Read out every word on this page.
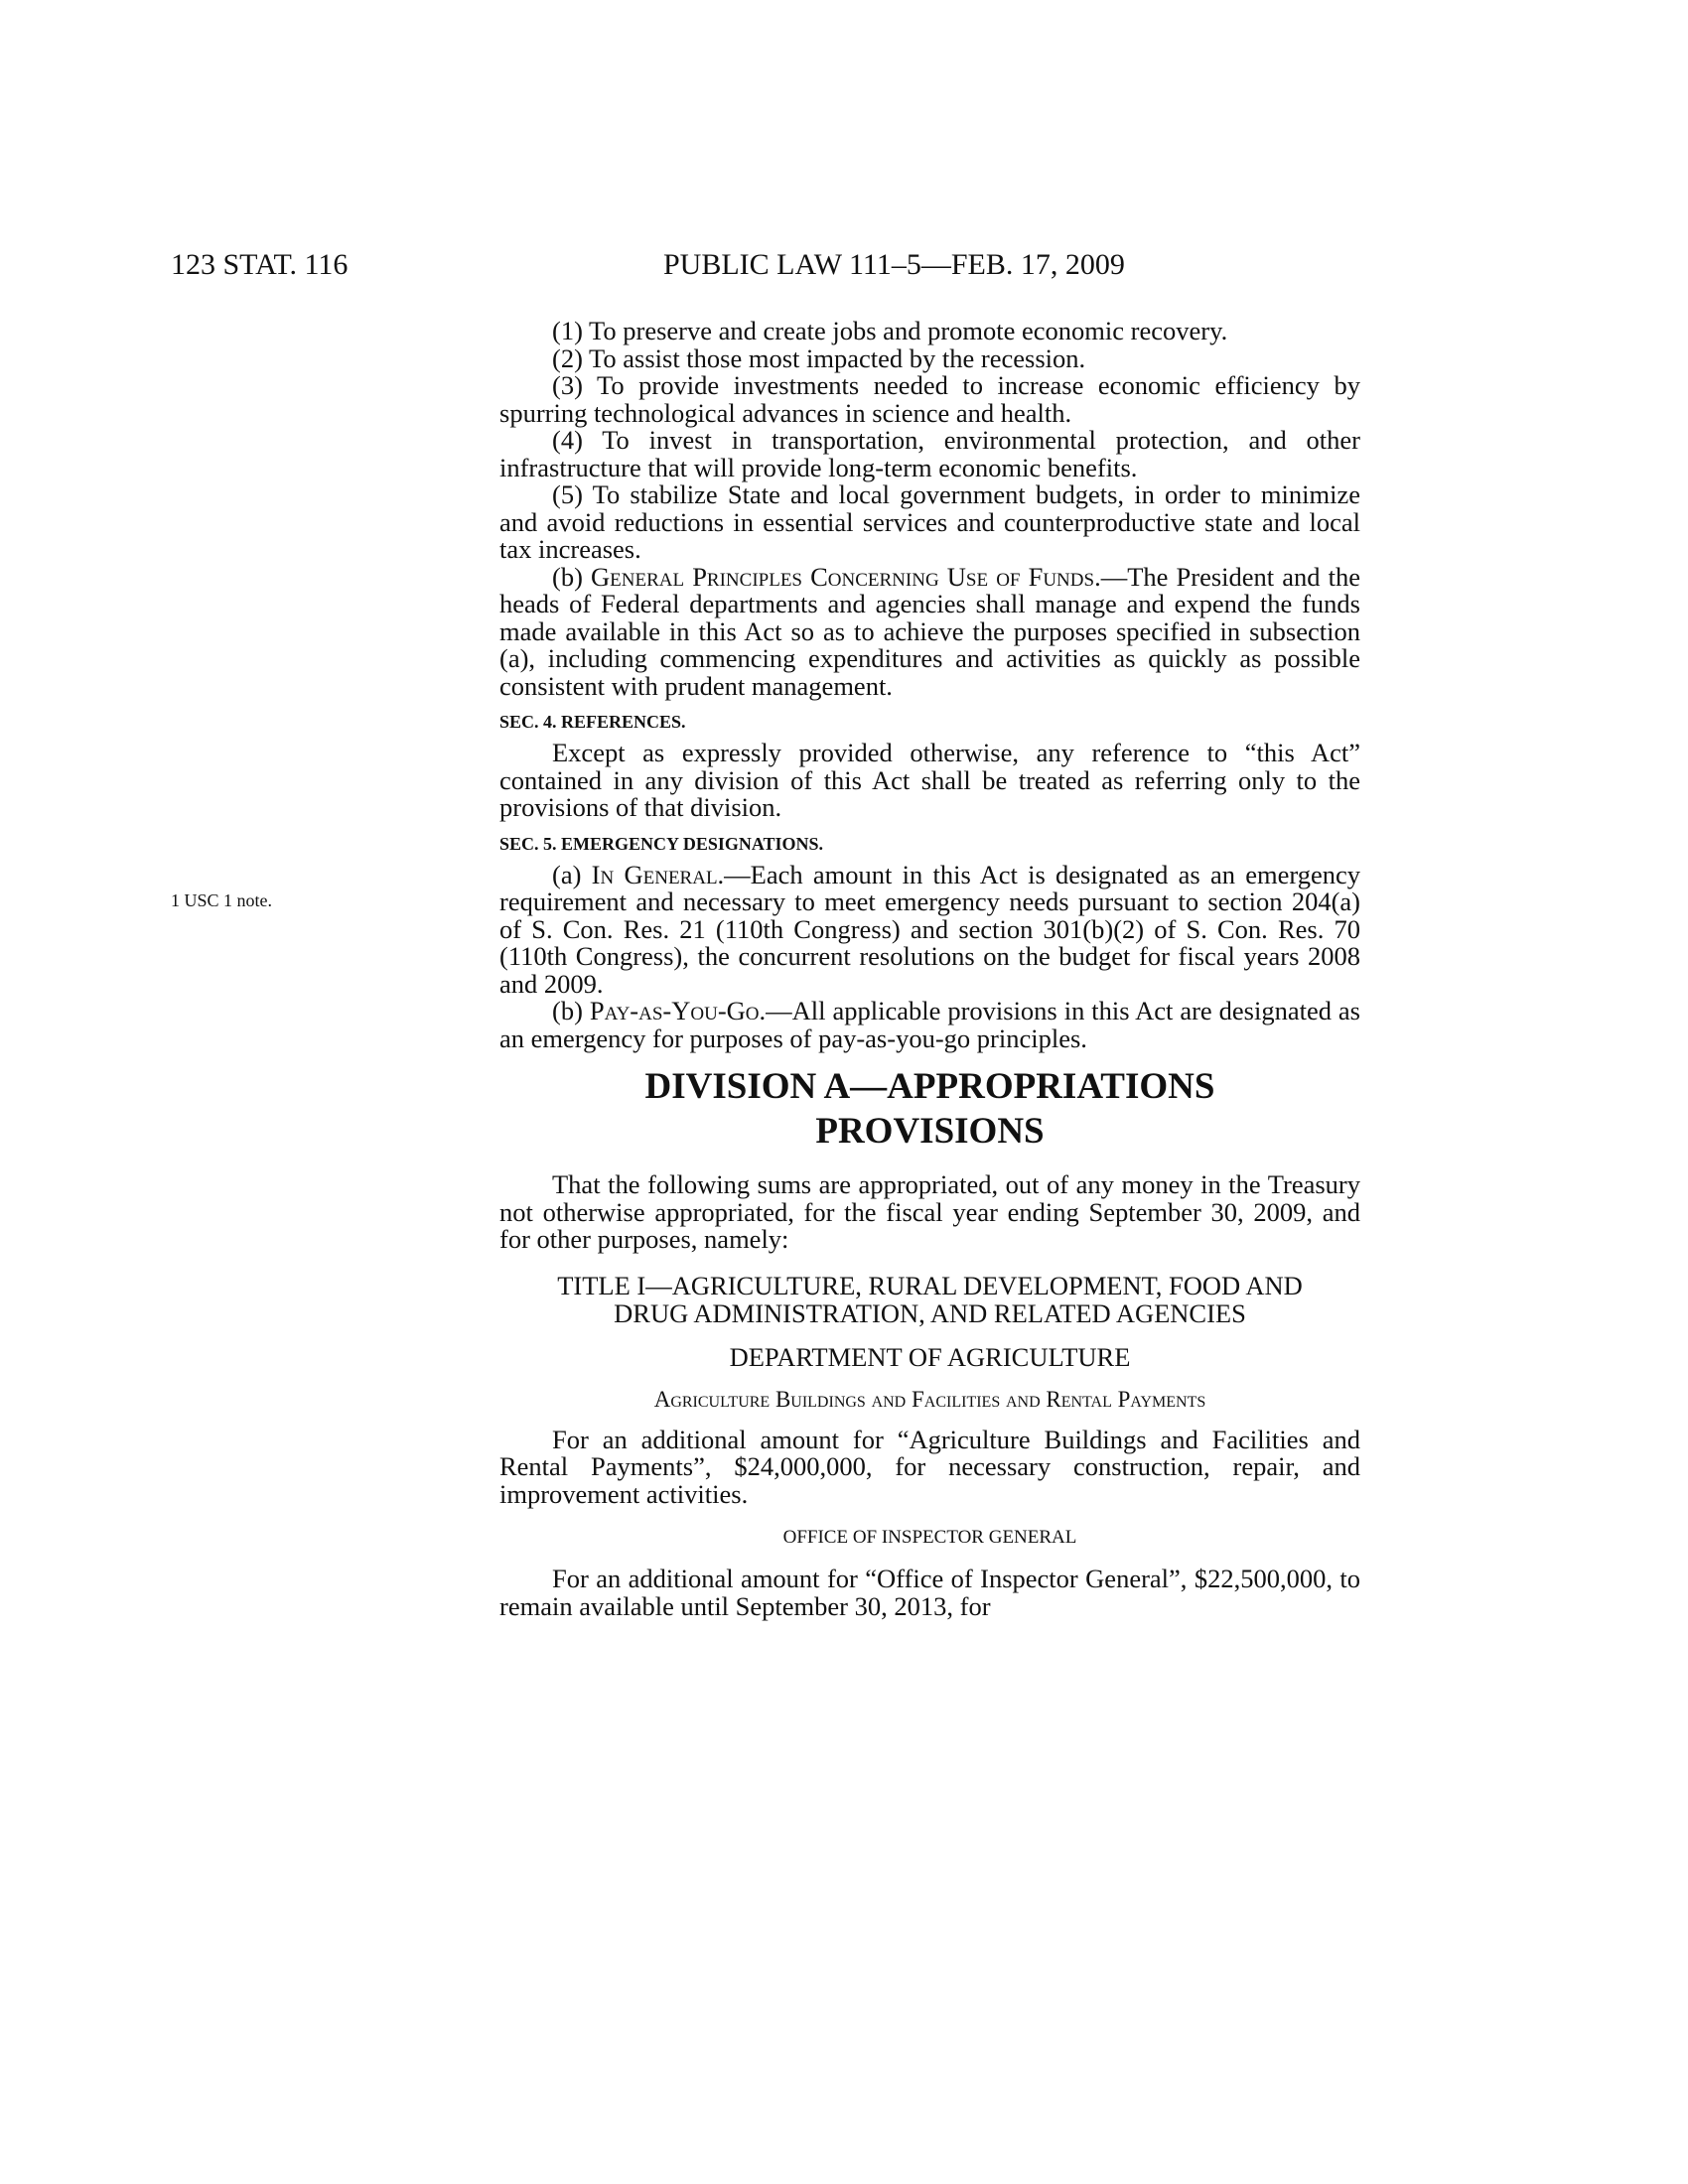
123 STAT. 116	PUBLIC LAW 111–5—FEB. 17, 2009
1 USC 1 note.

(1) To preserve and create jobs and promote economic recovery.

(2) To assist those most impacted by the recession.

(3) To provide investments needed to increase economic efficiency by spurring technological advances in science and health.

(4) To invest in transportation, environmental protection, and other infrastructure that will provide long-term economic benefits.

(5) To stabilize State and local government budgets, in order to minimize and avoid reductions in essential services and counterproductive state and local tax increases.

(b) General Principles Concerning Use of Funds.—The President and the heads of Federal departments and agencies shall manage and expend the funds made available in this Act so as to achieve the purposes specified in subsection (a), including commencing expenditures and activities as quickly as possible consistent with prudent management.

SEC. 4. REFERENCES.

Except as expressly provided otherwise, any reference to “this Act” contained in any division of this Act shall be treated as referring only to the provisions of that division.

SEC. 5. EMERGENCY DESIGNATIONS.

(a) In General.—Each amount in this Act is designated as an emergency requirement and necessary to meet emergency needs pursuant to section 204(a) of S. Con. Res. 21 (110th Congress) and section 301(b)(2) of S. Con. Res. 70 (110th Congress), the concurrent resolutions on the budget for fiscal years 2008 and 2009.

(b) Pay-as-You-Go.—All applicable provisions in this Act are designated as an emergency for purposes of pay-as-you-go principles.

DIVISION A—APPROPRIATIONS
PROVISIONS

That the following sums are appropriated, out of any money in the Treasury not otherwise appropriated, for the fiscal year ending September 30, 2009, and for other purposes, namely:

TITLE I—AGRICULTURE, RURAL DEVELOPMENT, FOOD AND
DRUG ADMINISTRATION, AND RELATED AGENCIES
DEPARTMENT OF AGRICULTURE
Agriculture Buildings and Facilities and Rental Payments

For an additional amount for “Agriculture Buildings and Facilities and Rental Payments”, $24,000,000, for necessary construction, repair, and improvement activities.

OFFICE OF INSPECTOR GENERAL

For an additional amount for “Office of Inspector General”, $22,500,000, to remain available until September 30, 2013, for
